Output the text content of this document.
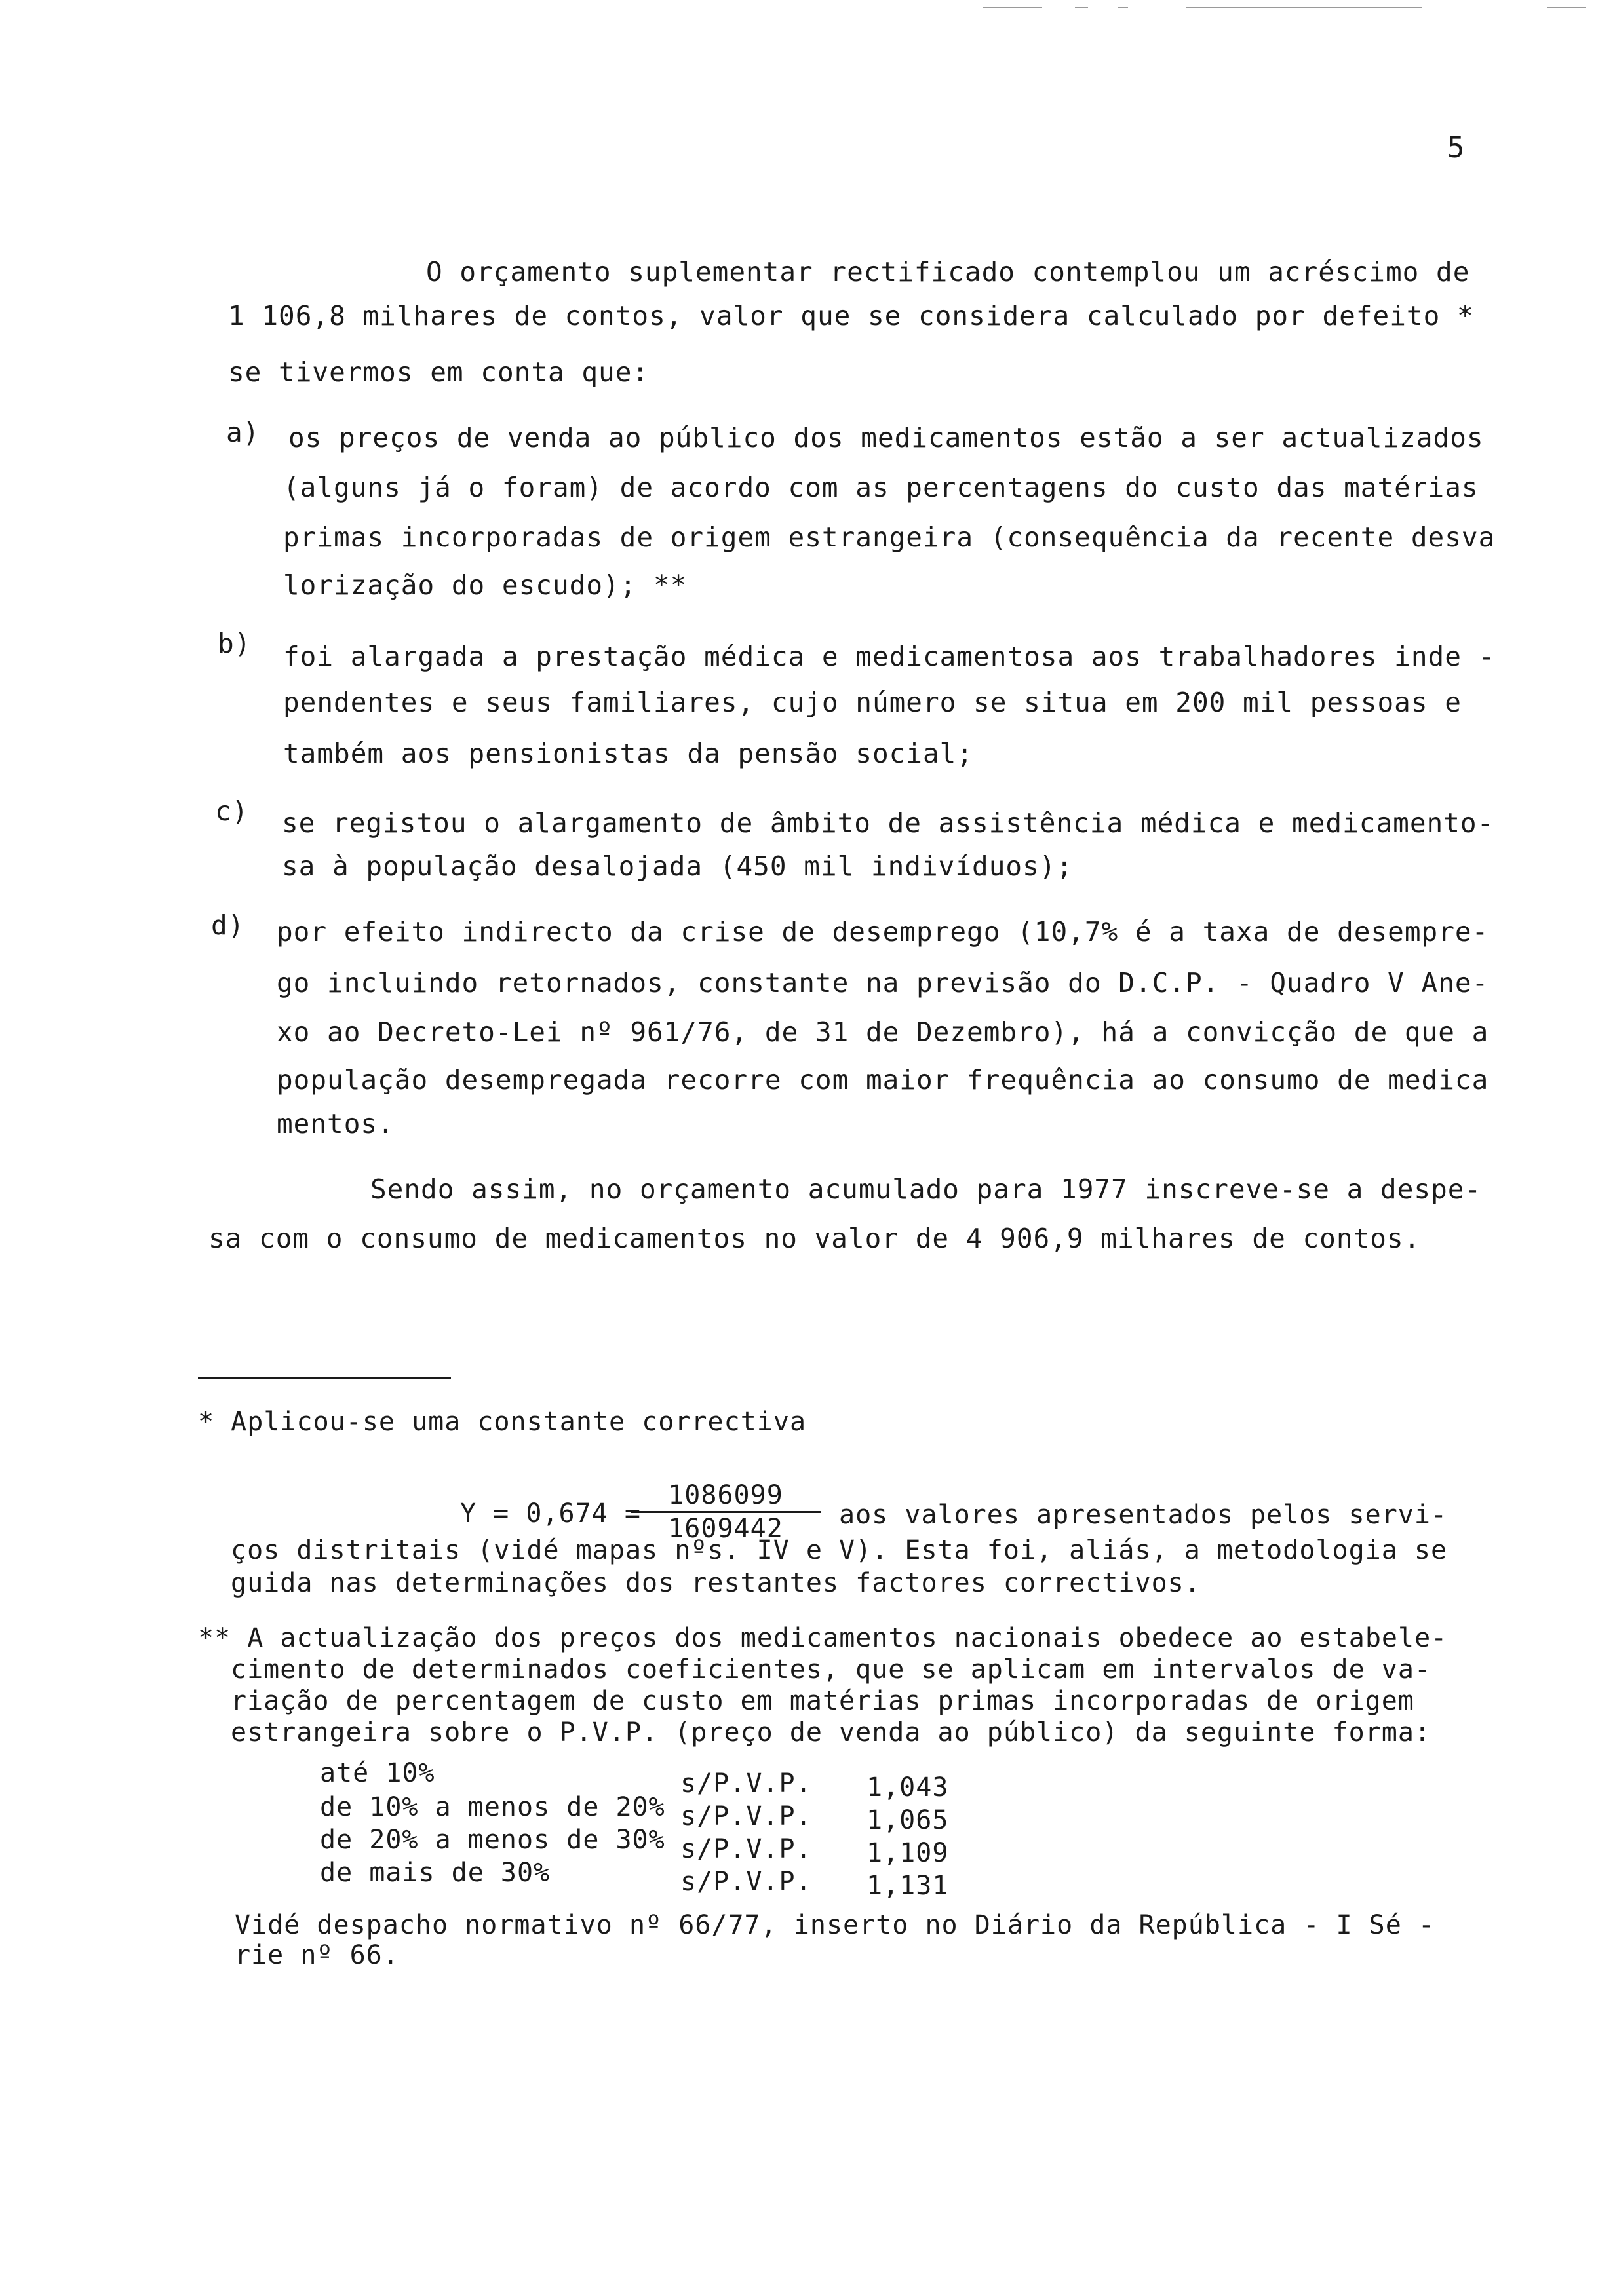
5
O orçamento suplementar rectificado contemplou um acréscimo de
1 106,8 milhares de contos, valor que se considera calculado por defeito *
se tivermos em conta que:
a) os preços de venda ao público dos medicamentos estão a ser actualizados
(alguns já o foram) de acordo com as percentagens do custo das matérias
primas incorporadas de origem estrangeira (consequência da recente desva
lorização do escudo); **
b) foi alargada a prestação médica e medicamentosa aos trabalhadores inde -
pendentes e seus familiares, cujo número se situa em 200 mil pessoas e
também aos pensionistas da pensão social;
c) se registou o alargamento de âmbito de assistência médica e medicamento-
sa à população desalojada (450 mil indivíduos);
d) por efeito indirecto da crise de desemprego (10,7% é a taxa de desempre-
go incluindo retornados, constante na previsão do D.C.P. - Quadro V Ane-
xo ao Decreto-Lei nº 961/76, de 31 de Dezembro), há a convicção de que a
população desempregada recorre com maior frequência ao consumo de medica
mentos.
Sendo assim, no orçamento acumulado para 1977 inscreve-se a despe-
sa com o consumo de medicamentos no valor de 4 906,9 milhares de contos.
* Aplicou-se uma constante correctiva
Y = 0,674 =
$\frac{1086099}{1609442}$ aos valores apresentados pelos servi-
ços distritais (vidé mapas nºs. IV e V). Esta foi, aliás, a metodologia se
guida nas determinações dos restantes factores correctivos.
** A actualização dos preços dos medicamentos nacionais obedece ao estabele-
cimento de determinados coeficientes, que se aplicam em intervalos de va-
riação de percentagem de custo em matérias primas incorporadas de origem
estrangeira sobre o P.V.P. (preço de venda ao público) da seguinte forma:
até 10%	s/P.V.P. 1,043
de 10% a menos de 20% s/P.V.P. 1,065
de 20% a menos de 30% s/P.V.P. 1,109
de mais de 30%	s/P.V.P. 1,131
Vidé despacho normativo nº 66/77, inserto no Diário da República - I Sé -
rie nº 66.
